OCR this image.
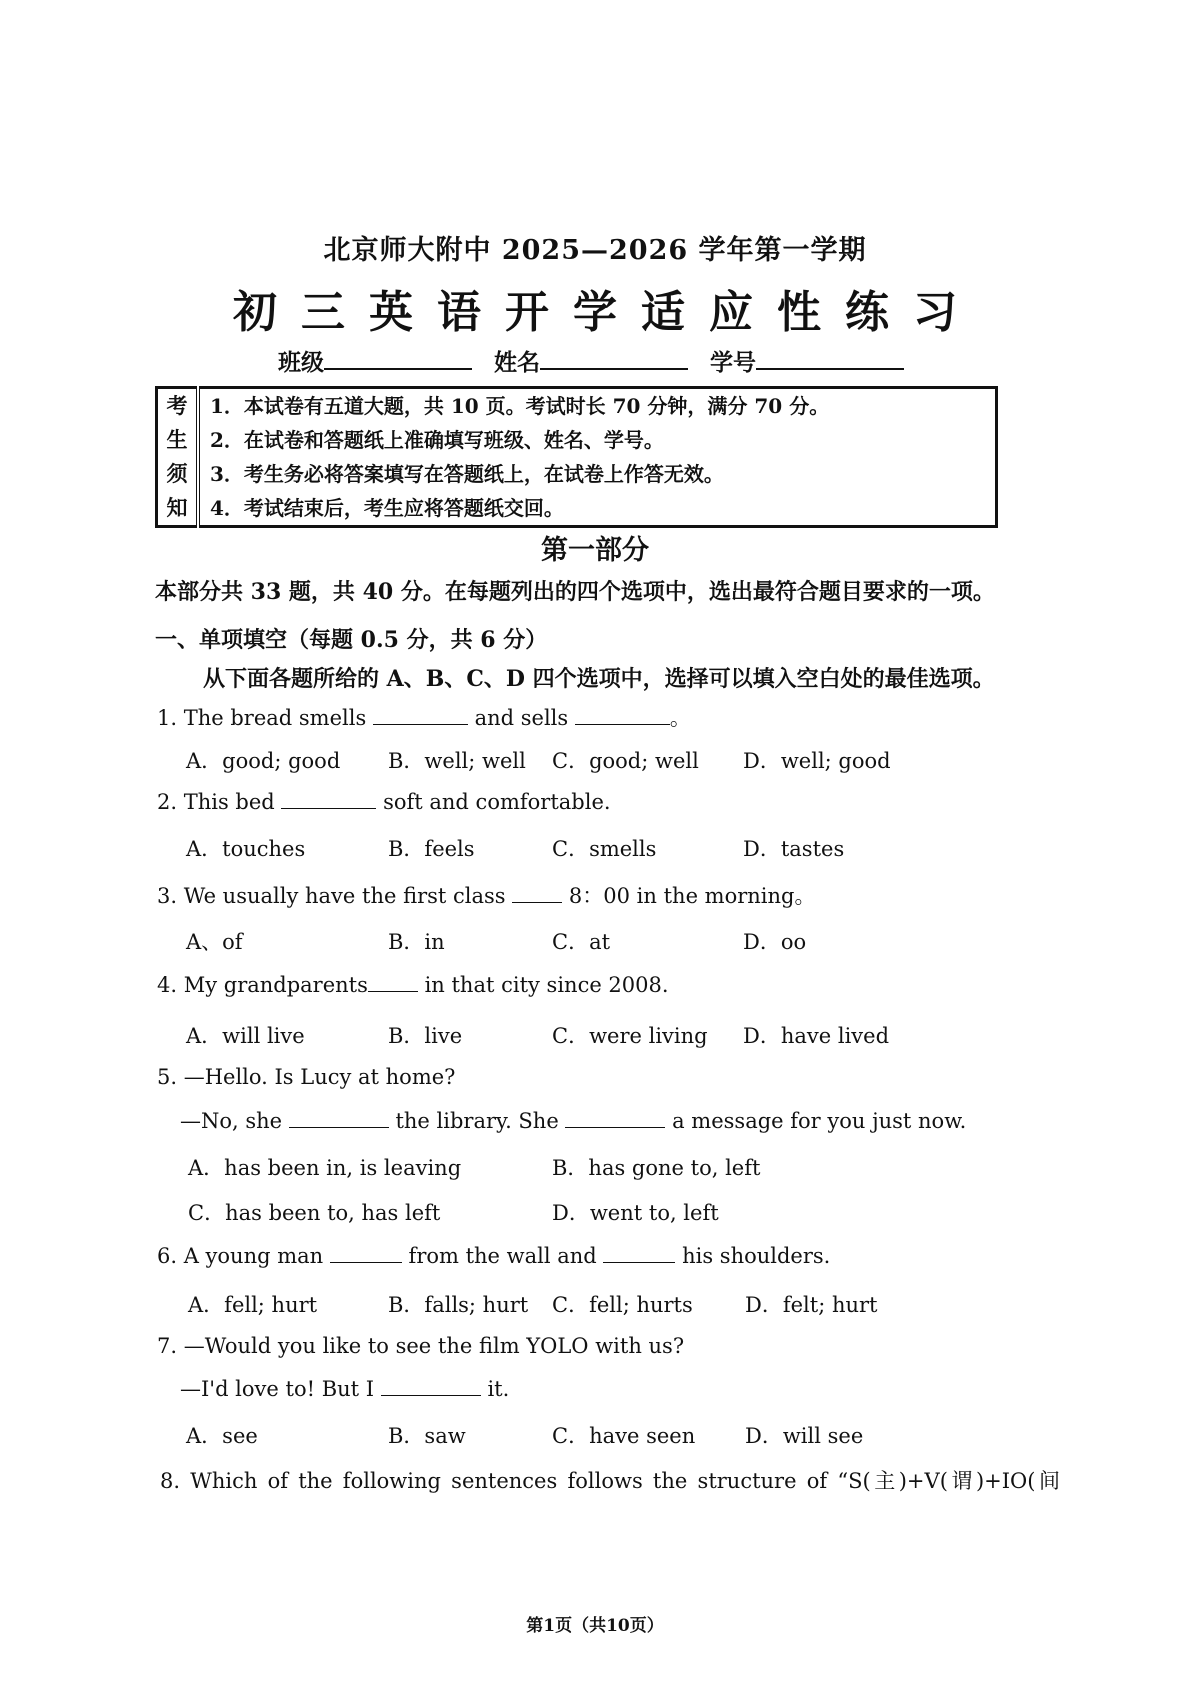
北京师大附中 2025—2026 学年第一学期
初三英语开学适应性练习
班级	姓名	学号
考
生
须
知

1．本试卷有五道大题，共 10 页。考试时长 70 分钟，满分 70 分。
2．在试卷和答题纸上准确填写班级、姓名、学号。
3．考生务必将答案填写在答题纸上，在试卷上作答无效。
4．考试结束后，考生应将答题纸交回。
第一部分
本部分共 33 题，共 40 分。在每题列出的四个选项中，选出最符合题目要求的一项。
一、单项填空（每题 0.5 分，共 6 分）
从下面各题所给的 A、B、C、D 四个选项中，选择可以填入空白处的最佳选项。
1. The bread smells	and sells	。
A．good; good B．well; well C．good; well D．well; good
2. This bed	soft and comfortable.
A．touches	B．feels	C．smells	D．tastes
3. We usually have the first class  8：00 in the morning。
A、of	B．in	C．at	D．oo
4. My grandparents in that city since 2008.
A．will live	B．live	C．were living D．have lived
5. —Hello. Is Lucy at home?
—No, she	the library. She	a message for you just now.
A．has been in, is leaving	B．has gone to, left
C．has been to, has left	D．went to, left
6. A young man	from the wall and	his shoulders.
A．fell; hurt	B．falls; hurt C．fell; hurts D．felt; hurt
7. —Would you like to see the film YOLO with us?
—I'd love to! But I	it.
A．see	B．saw	C．have seen D．will see
8. Which of the following sentences follows the structure of “S(主)+V(谓)+IO(间
第1页（共10页）
